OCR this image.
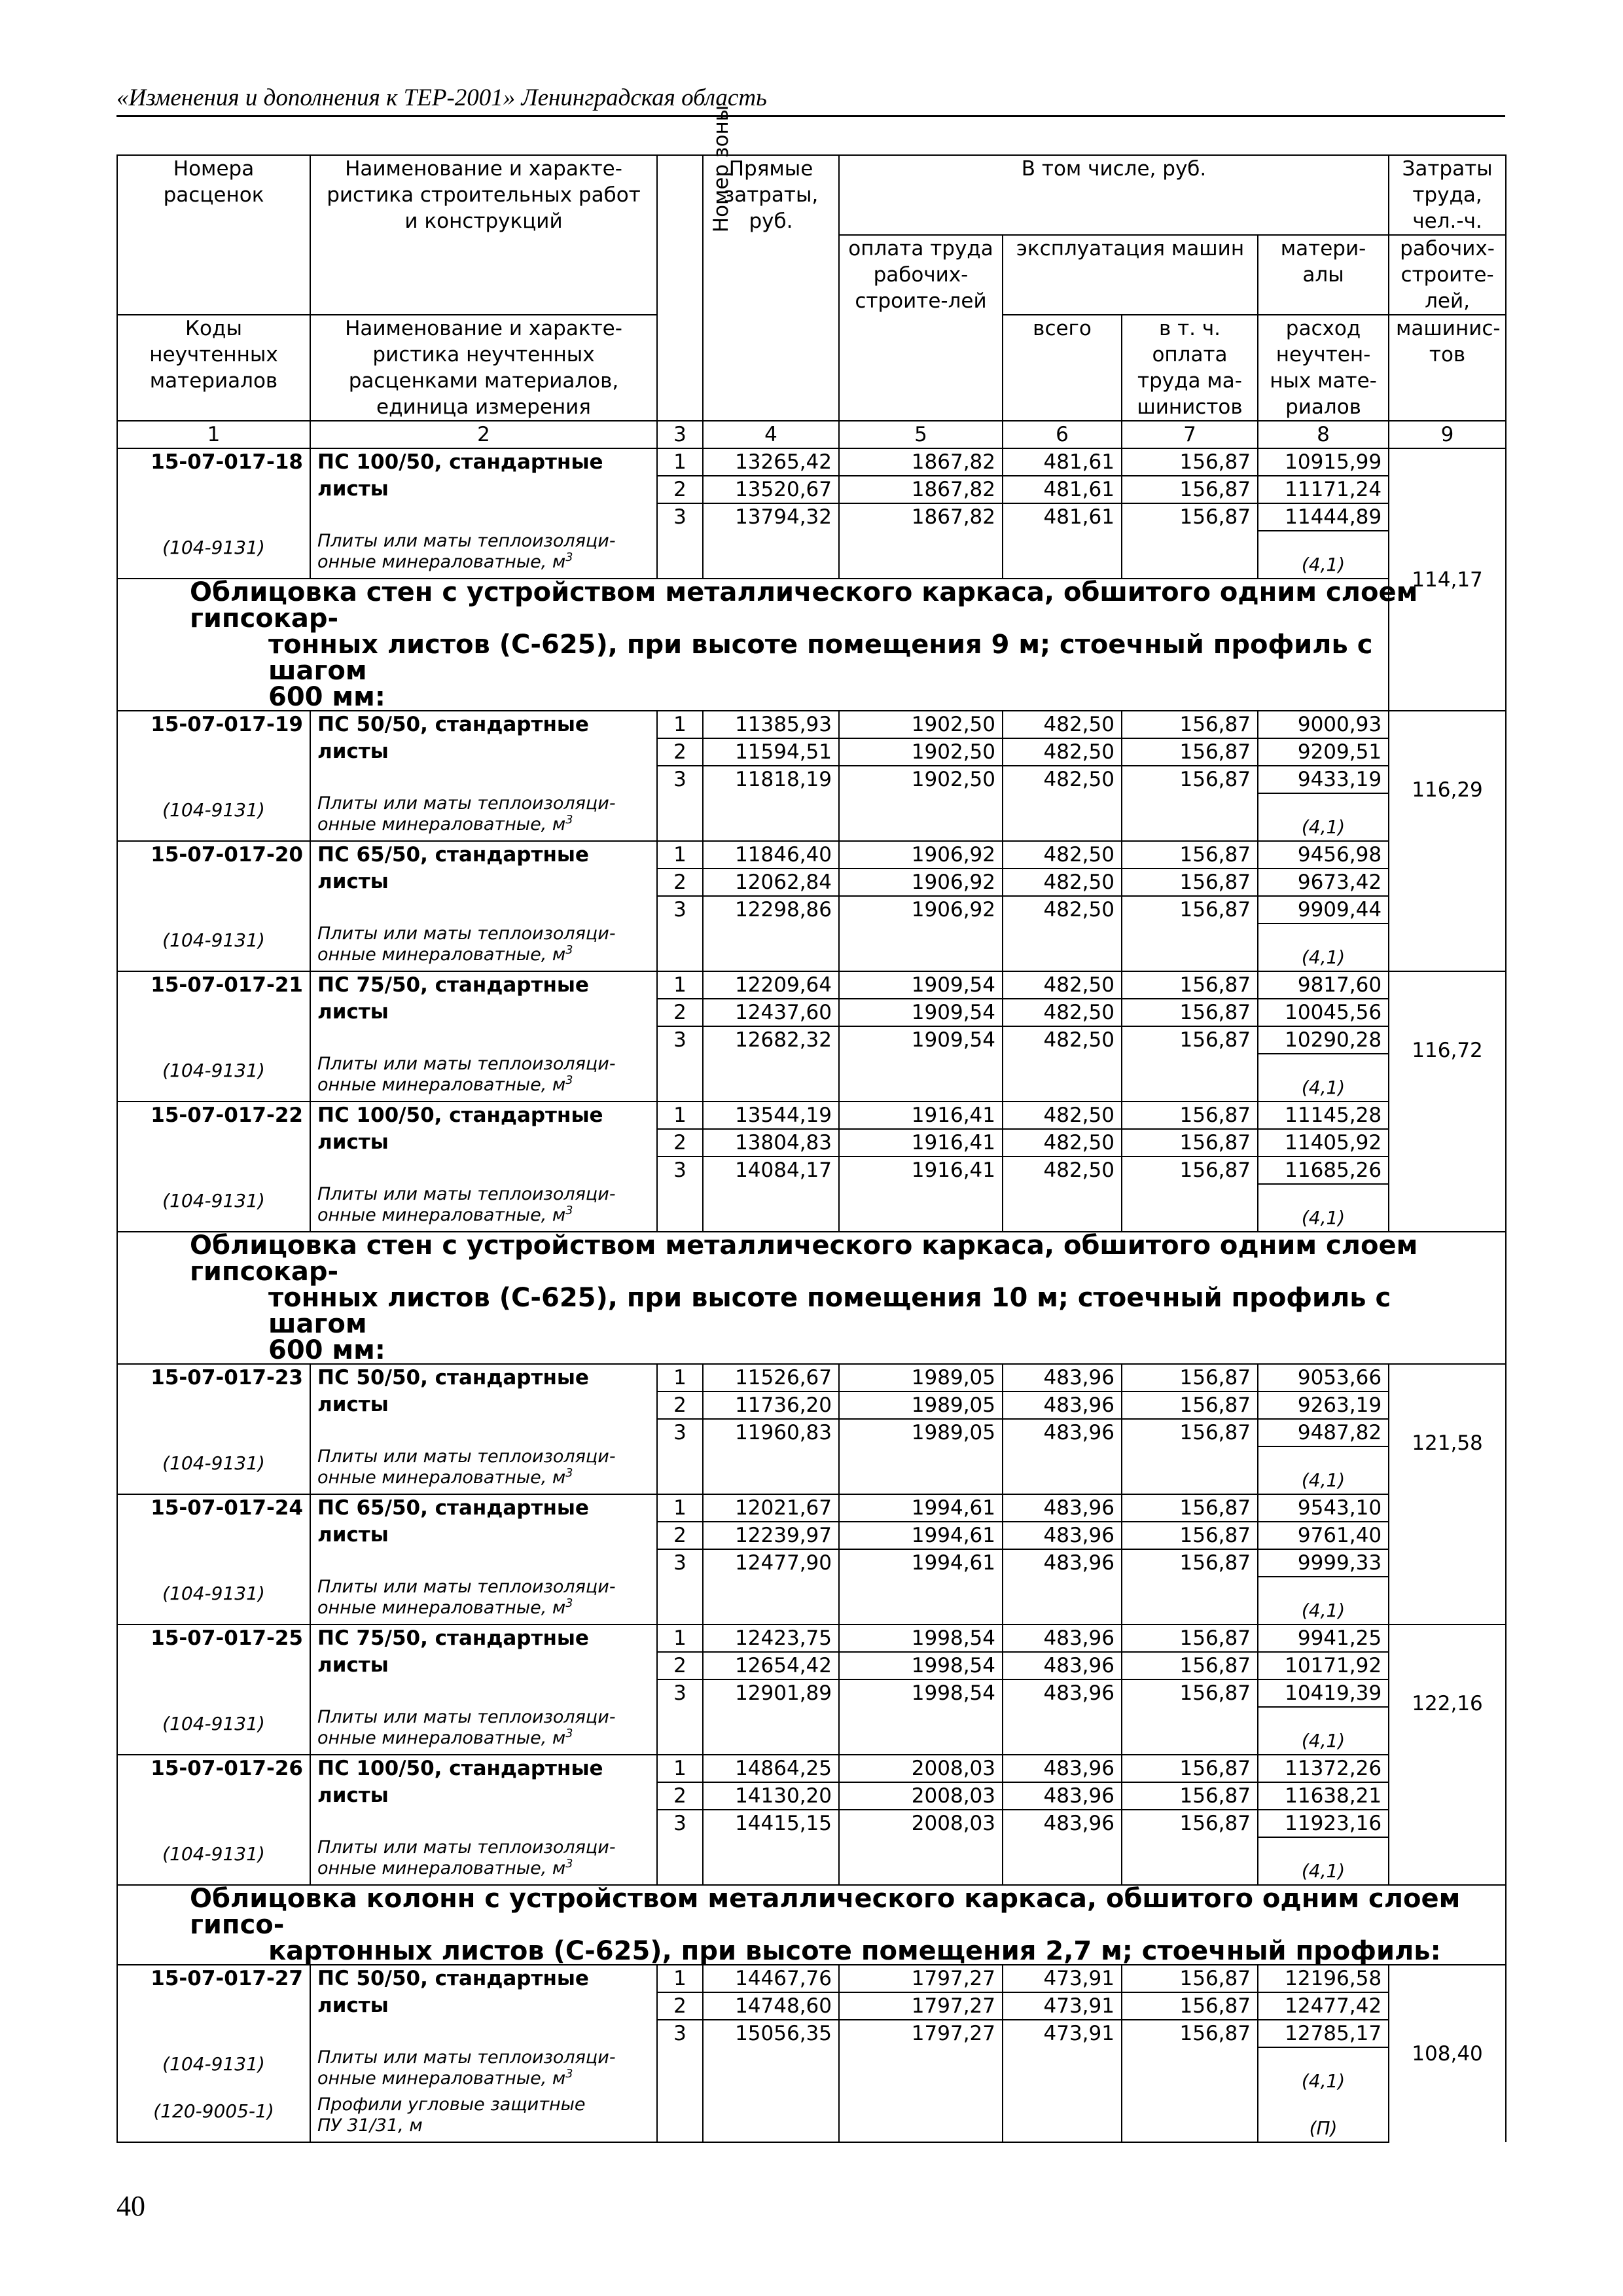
«Изменения и дополнения к ТЕР-2001» Ленинградская область
Номера расценок	Наименование и характе-ристика строительных работ и конструкций	Номер зоны	Прямые затраты, руб.	В том числе, руб.				Затраты труда, чел.-ч.	
				оплата труда рабочих-строите-лей	эксплуатация машин		матери-алы	рабочих-строите-лей,	
Коды неучтенных материалов	Наименование и характе-ристика неучтенных расценками материалов, единица измерения				всего	в т. ч. оплата труда ма-шинистов	расход неучтен-ных мате-риалов	машинис-тов	

1	2	3	4	5	6	7	8	9	
15-07-017-18	ПС 100/50, стандартные	1	13265,42	1867,82	481,61	156,87	10915,99	114,17	
	листы	2	13520,67	1867,82	481,61	156,87	11171,24		
		3	13794,32	1867,82	481,61	156,87	11444,89		
(104-9131)	Плиты или маты теплоизоляци-
онные минераловатные, $м^3$						(4,1)		

Облицовка стен с устройством металлического каркаса, обшитого одним слоем гипсокар-
тонных листов (С-625), при высоте помещения 9 м; стоечный профиль с шагом
600 мм:									

15-07-017-19	ПС 50/50, стандартные	1	11385,93	1902,50	482,50	156,87	9000,93	116,29	
	листы	2	11594,51	1902,50	482,50	156,87	9209,51		
		3	11818,19	1902,50	482,50	156,87	9433,19		
(104-9131)	Плиты или маты теплоизоляци-
онные минераловатные, $м^3$						(4,1)		
15-07-017-20	ПС 65/50, стандартные	1	11846,40	1906,92	482,50	156,87	9456,98	
	листы	2	12062,84	1906,92	482,50	156,87	9673,42		
		3	12298,86	1906,92	482,50	156,87	9909,44		
(104-9131)	Плиты или маты теплоизоляци-
онные минераловатные, $м^3$						(4,1)		
15-07-017-21	ПС 75/50, стандартные	1	12209,64	1909,54	482,50	156,87	9817,60	116,72	
	листы	2	12437,60	1909,54	482,50	156,87	10045,56		
		3	12682,32	1909,54	482,50	156,87	10290,28		
(104-9131)	Плиты или маты теплоизоляци-
онные минераловатные, $м^3$						(4,1)		
15-07-017-22	ПС 100/50, стандартные	1	13544,19	1916,41	482,50	156,87	11145,28	
	листы	2	13804,83	1916,41	482,50	156,87	11405,92		
		3	14084,17	1916,41	482,50	156,87	11685,26		
(104-9131)	Плиты или маты теплоизоляци-
онные минераловатные, $м^3$						(4,1)		

Облицовка стен с устройством металлического каркаса, обшитого одним слоем гипсокар-
тонных листов (С-625), при высоте помещения 10 м; стоечный профиль с шагом
600 мм:									

15-07-017-23	ПС 50/50, стандартные	1	11526,67	1989,05	483,96	156,87	9053,66	121,58	
	листы	2	11736,20	1989,05	483,96	156,87	9263,19		
		3	11960,83	1989,05	483,96	156,87	9487,82		
(104-9131)	Плиты или маты теплоизоляци-
онные минераловатные, $м^3$						(4,1)		
15-07-017-24	ПС 65/50, стандартные	1	12021,67	1994,61	483,96	156,87	9543,10	
	листы	2	12239,97	1994,61	483,96	156,87	9761,40		
		3	12477,90	1994,61	483,96	156,87	9999,33		
(104-9131)	Плиты или маты теплоизоляци-
онные минераловатные, $м^3$						(4,1)		
15-07-017-25	ПС 75/50, стандартные	1	12423,75	1998,54	483,96	156,87	9941,25	122,16	
	листы	2	12654,42	1998,54	483,96	156,87	10171,92		
		3	12901,89	1998,54	483,96	156,87	10419,39		
(104-9131)	Плиты или маты теплоизоляци-
онные минераловатные, $м^3$						(4,1)		
15-07-017-26	ПС 100/50, стандартные	1	14864,25	2008,03	483,96	156,87	11372,26	
	листы	2	14130,20	2008,03	483,96	156,87	11638,21		
		3	14415,15	2008,03	483,96	156,87	11923,16		
(104-9131)	Плиты или маты теплоизоляци-
онные минераловатные, $м^3$						(4,1)		

Облицовка колонн с устройством металлического каркаса, обшитого одним слоем гипсо-
картонных листов (С-625), при высоте помещения 2,7 м; стоечный профиль:									

15-07-017-27	ПС 50/50, стандартные	1	14467,76	1797,27	473,91	156,87	12196,58	108,40	
	листы	2	14748,60	1797,27	473,91	156,87	12477,42		
		3	15056,35	1797,27	473,91	156,87	12785,17		
(104-9131)	Плиты или маты теплоизоляци-
онные минераловатные, $м^3$						(4,1)		
(120-9005-1)	Профили угловые защитные
ПУ 31/31, м						(П)		
40
